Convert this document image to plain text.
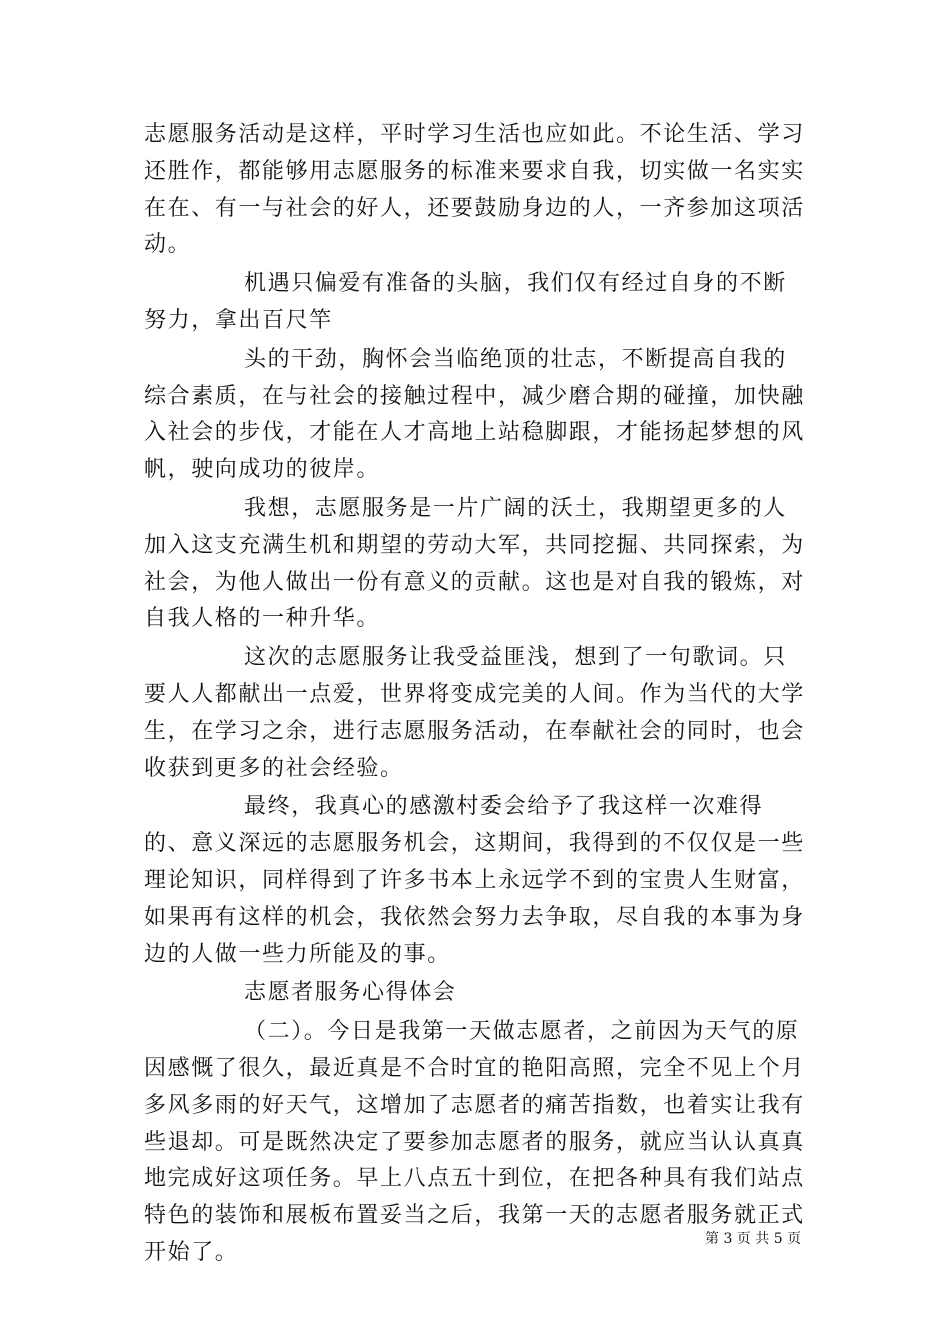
志愿服务活动是这样，平时学习生活也应如此。不论生活、学习还胜作，都能够用志愿服务的标准来要求自我，切实做一名实实在在、有一与社会的好人，还要鼓励身边的人，一齐参加这项活动。

机遇只偏爱有准备的头脑，我们仅有经过自身的不断努力，拿出百尺竿

头的干劲，胸怀会当临绝顶的壮志，不断提高自我的综合素质，在与社会的接触过程中，减少磨合期的碰撞，加快融入社会的步伐，才能在人才高地上站稳脚跟，才能扬起梦想的风帆，驶向成功的彼岸。

我想，志愿服务是一片广阔的沃土，我期望更多的人加入这支充满生机和期望的劳动大军，共同挖掘、共同探索，为社会，为他人做出一份有意义的贡献。这也是对自我的锻炼，对自我人格的一种升华。

这次的志愿服务让我受益匪浅，想到了一句歌词。只要人人都献出一点爱，世界将变成完美的人间。作为当代的大学生，在学习之余，进行志愿服务活动，在奉献社会的同时，也会收获到更多的社会经验。

最终，我真心的感激村委会给予了我这样一次难得的、意义深远的志愿服务机会，这期间，我得到的不仅仅是一些理论知识，同样得到了许多书本上永远学不到的宝贵人生财富，如果再有这样的机会，我依然会努力去争取，尽自我的本事为身边的人做一些力所能及的事。

志愿者服务心得体会

（二）。今日是我第一天做志愿者，之前因为天气的原因感慨了很久，最近真是不合时宜的艳阳高照，完全不见上个月多风多雨的好天气，这增加了志愿者的痛苦指数，也着实让我有些退却。可是既然决定了要参加志愿者的服务，就应当认认真真地完成好这项任务。早上八点五十到位，在把各种具有我们站点特色的装饰和展板布置妥当之后，我第一天的志愿者服务就正式开始了。

第 3 页 共 5 页
